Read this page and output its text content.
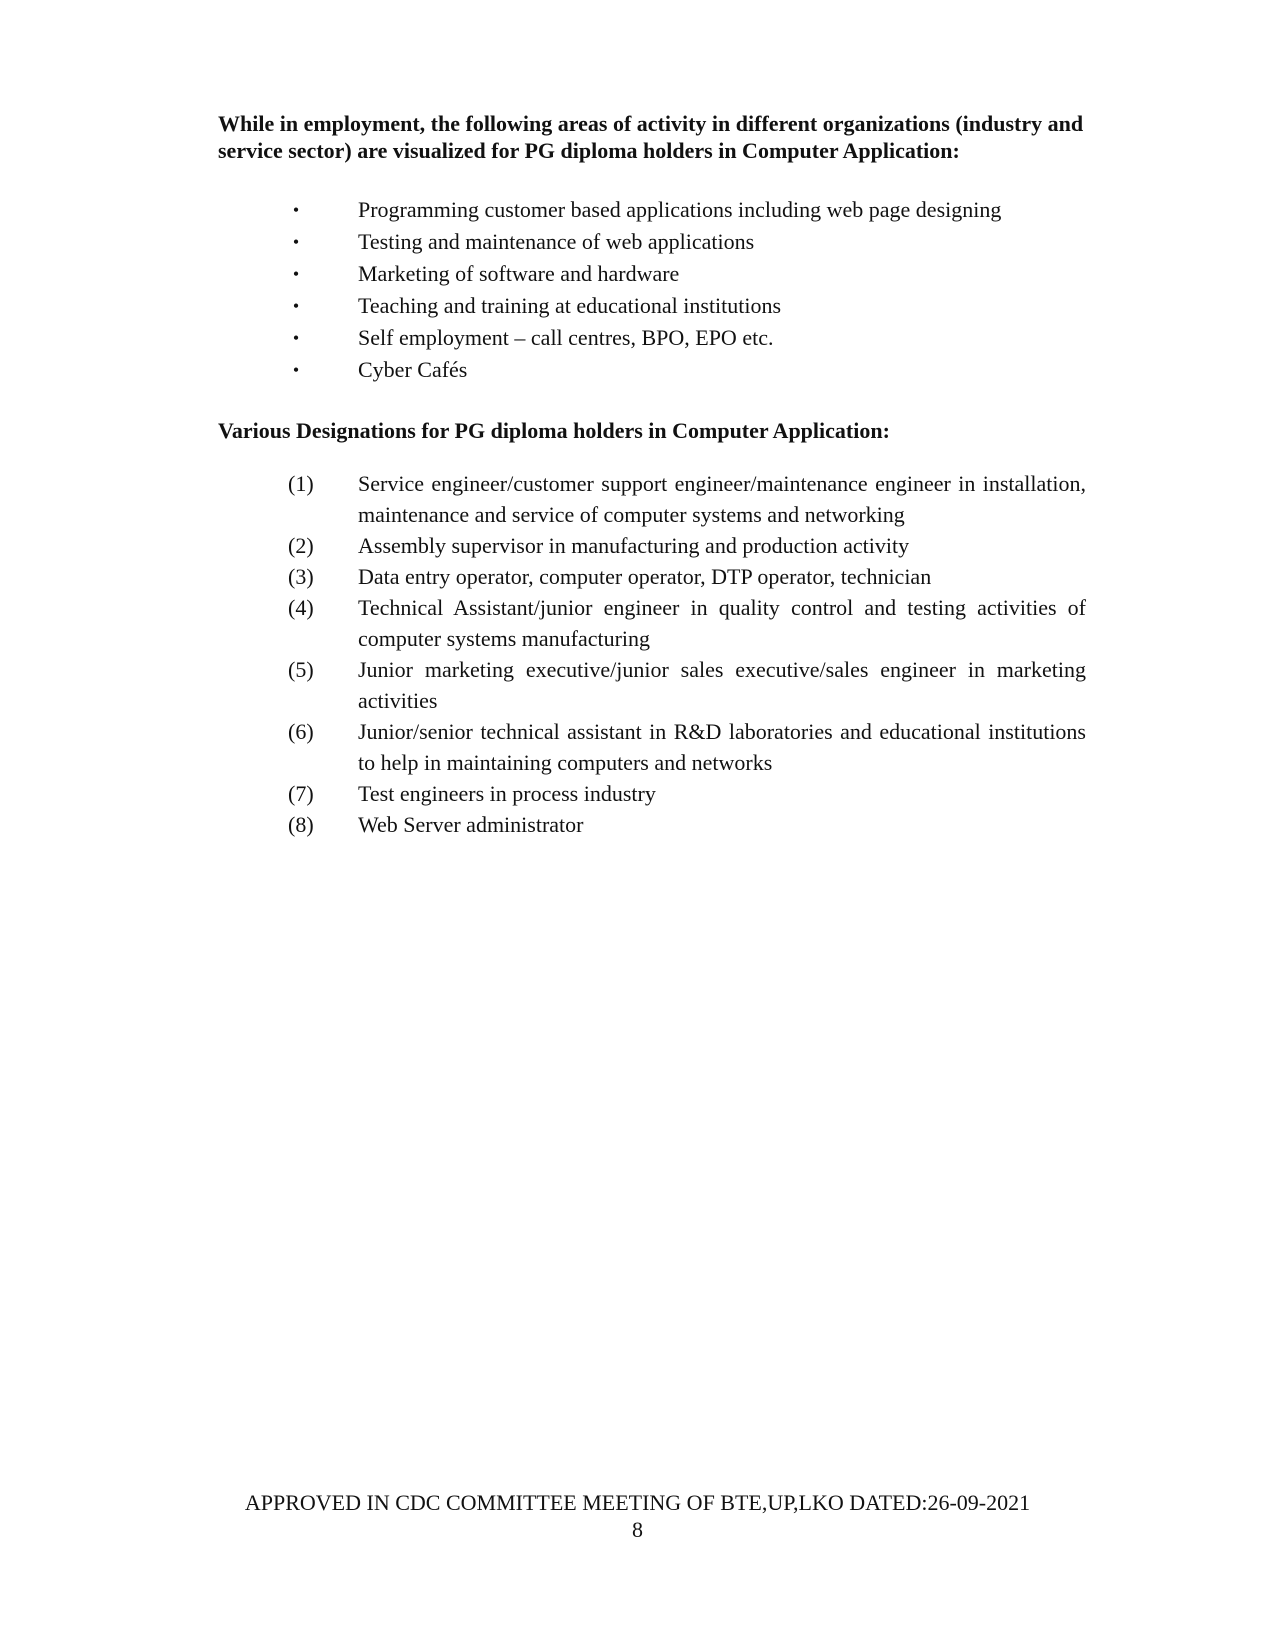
While in employment, the following areas of activity in different organizations (industry and service sector) are visualized for PG diploma holders in Computer Application:

•	Programming customer based applications including web page designing
•	Testing and maintenance of web applications
•	Marketing of software and hardware
•	Teaching and training at educational institutions
•	Self employment – call centres, BPO, EPO etc.
•	Cyber Cafés

Various Designations for PG diploma holders in Computer Application:

(1)	Service engineer/customer support engineer/maintenance engineer in installation, maintenance and service of computer systems and networking
(2)	Assembly supervisor in manufacturing and production activity
(3)	Data entry operator, computer operator, DTP operator, technician
(4)	Technical Assistant/junior engineer in quality control and testing activities of computer systems manufacturing
(5)	Junior marketing executive/junior sales executive/sales engineer in marketing activities
(6)	Junior/senior technical assistant in R&D laboratories and educational institutions to help in maintaining computers and networks
(7)	Test engineers in process industry
(8)	Web Server administrator
APPROVED IN CDC COMMITTEE MEETING OF BTE,UP,LKO DATED:26-09-2021
8
